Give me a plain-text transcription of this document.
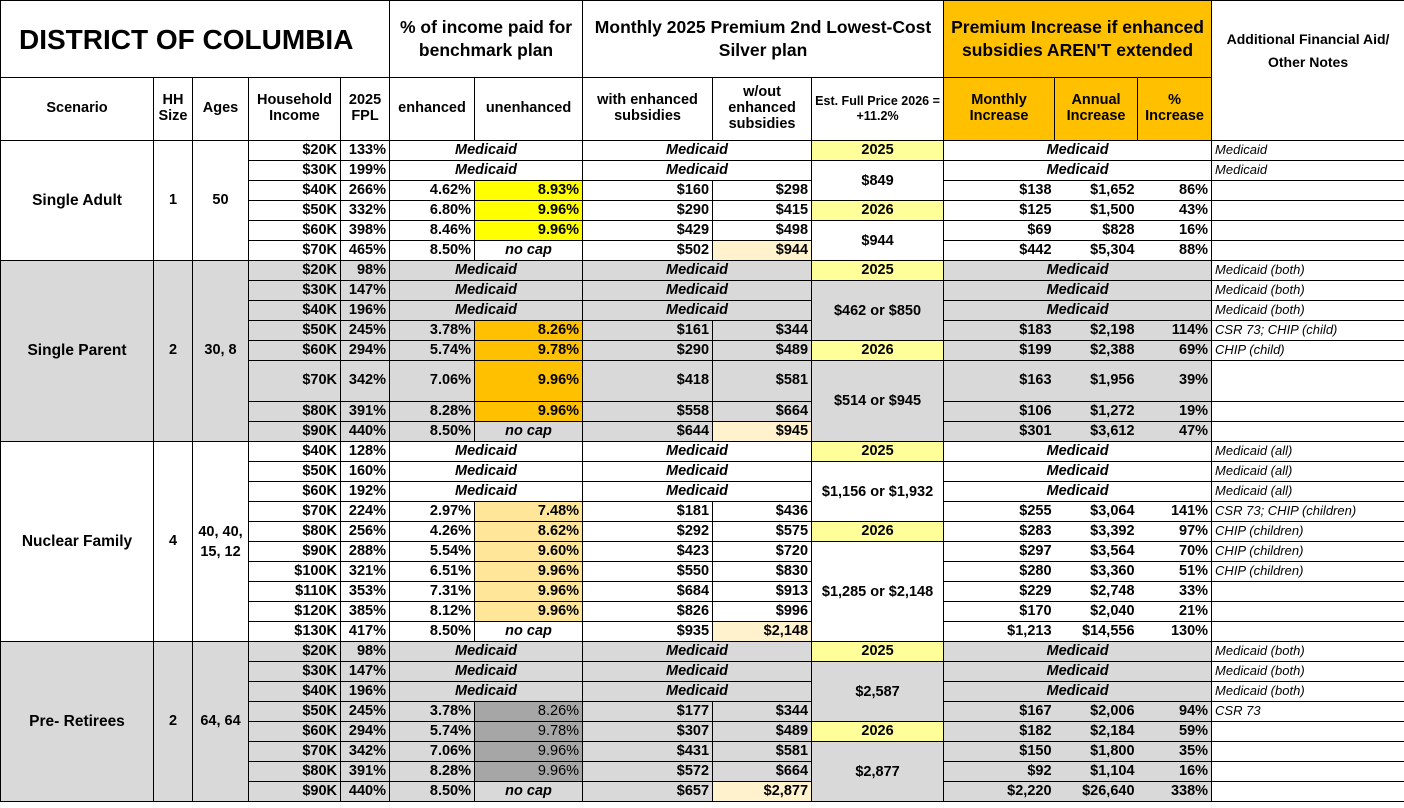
DISTRICT OF COLUMBIA					% of income paid for benchmark plan		Monthly 2025 Premium 2nd Lowest-Cost Silver plan			Premium Increase if enhanced subsidies AREN'T extended			Additional Financial Aid/ Other Notes
Scenario	HH Size	Ages	Household Income	2025 FPL	enhanced	unenhanced	with enhanced subsidies	w/out enhanced subsidies	Est. Full Price 2026 = +11.2%	Monthly Increase	Annual Increase	% Increase	
Single Adult	1	50	$20K	133%	Medicaid		Medicaid		2025	Medicaid			Medicaid
			$30K	199%	Medicaid		Medicaid		$849	Medicaid			Medicaid
			$40K	266%	4.62%	8.93%	$160	$298		$138	$1,652	86%	
			$50K	332%	6.80%	9.96%	$290	$415	2026	$125	$1,500	43%	
			$60K	398%	8.46%	9.96%	$429	$498	$944	$69	$828	16%	
			$70K	465%	8.50%	no cap	$502	$944		$442	$5,304	88%	
Single Parent	2	30, 8	$20K	98%	Medicaid		Medicaid		2025	Medicaid			Medicaid (both)
			$30K	147%	Medicaid		Medicaid		$462 or $850	Medicaid			Medicaid (both)
			$40K	196%	Medicaid		Medicaid			Medicaid			Medicaid (both)
			$50K	245%	3.78%	8.26%	$161	$344		$183	$2,198	114%	CSR 73; CHIP (child)
			$60K	294%	5.74%	9.78%	$290	$489	2026	$199	$2,388	69%	CHIP (child)
			$70K	342%	7.06%	9.96%	$418	$581	$514 or $945	$163	$1,956	39%	
			$80K	391%	8.28%	9.96%	$558	$664		$106	$1,272	19%	
			$90K	440%	8.50%	no cap	$644	$945		$301	$3,612	47%	
Nuclear Family	4	40, 40, 15, 12	$40K	128%	Medicaid		Medicaid		2025	Medicaid			Medicaid (all)
			$50K	160%	Medicaid		Medicaid		$1,156 or $1,932	Medicaid			Medicaid (all)
			$60K	192%	Medicaid		Medicaid			Medicaid			Medicaid (all)
			$70K	224%	2.97%	7.48%	$181	$436		$255	$3,064	141%	CSR 73; CHIP (children)
			$80K	256%	4.26%	8.62%	$292	$575	2026	$283	$3,392	97%	CHIP (children)
			$90K	288%	5.54%	9.60%	$423	$720	$1,285 or $2,148	$297	$3,564	70%	CHIP (children)
			$100K	321%	6.51%	9.96%	$550	$830		$280	$3,360	51%	CHIP (children)
			$110K	353%	7.31%	9.96%	$684	$913		$229	$2,748	33%	
			$120K	385%	8.12%	9.96%	$826	$996		$170	$2,040	21%	
			$130K	417%	8.50%	no cap	$935	$2,148		$1,213	$14,556	130%	
Pre- Retirees	2	64, 64	$20K	98%	Medicaid		Medicaid		2025	Medicaid			Medicaid (both)
			$30K	147%	Medicaid		Medicaid		$2,587	Medicaid			Medicaid (both)
			$40K	196%	Medicaid		Medicaid			Medicaid			Medicaid (both)
			$50K	245%	3.78%	8.26%	$177	$344		$167	$2,006	94%	CSR 73
			$60K	294%	5.74%	9.78%	$307	$489	2026	$182	$2,184	59%	
			$70K	342%	7.06%	9.96%	$431	$581	$2,877	$150	$1,800	35%	
			$80K	391%	8.28%	9.96%	$572	$664		$92	$1,104	16%	
			$90K	440%	8.50%	no cap	$657	$2,877		$2,220	$26,640	338%	
